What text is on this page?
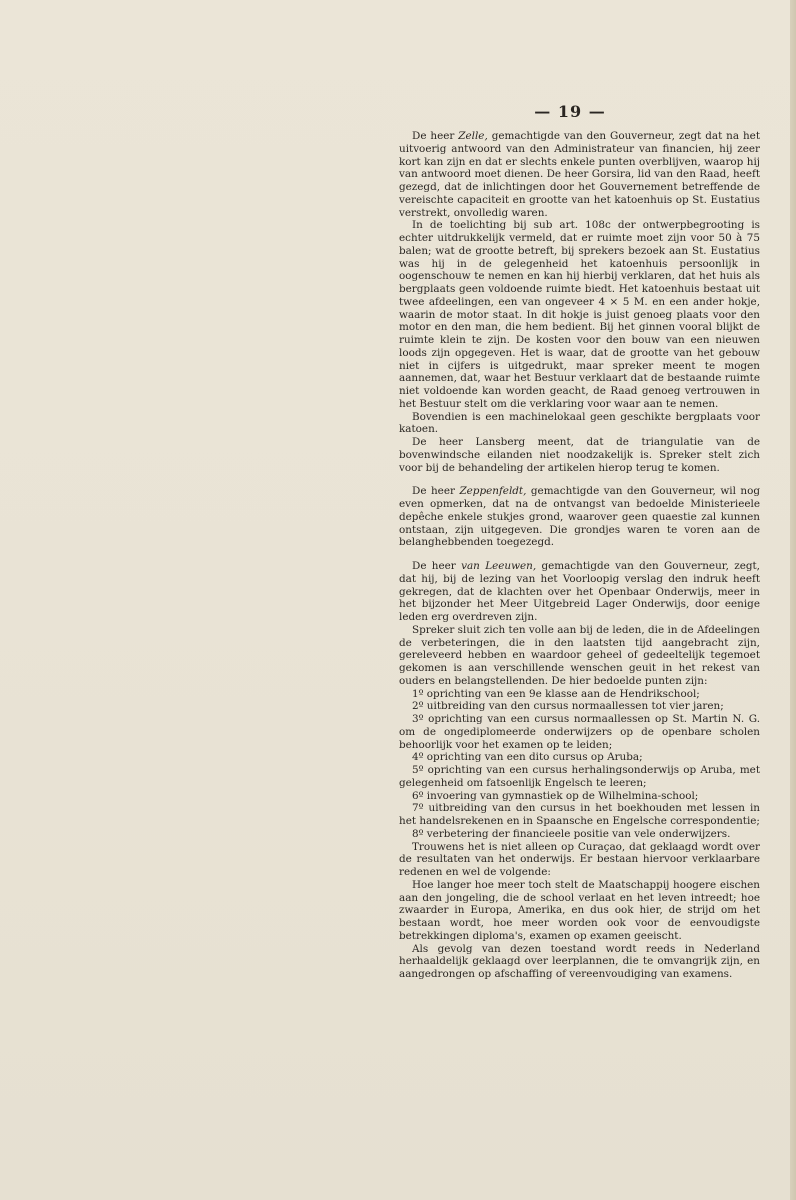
— 19 —

De heer Zelle, gemachtigde van den Gouverneur, zegt dat na het uitvoerig antwoord van den Administrateur van financien, hij zeer kort kan zijn en dat er slechts enkele punten overblijven, waarop hij van antwoord moet dienen. De heer Gorsira, lid van den Raad, heeft gezegd, dat de inlichtingen door het Gouvernement betreffende de vereischte capaciteit en grootte van het katoenhuis op St. Eustatius verstrekt, onvolledig waren.

In de toelichting bij sub art. 108c der ontwerpbegrooting is echter uitdrukkelijk vermeld, dat er ruimte moet zijn voor 50 à 75 balen; wat de grootte betreft, bij sprekers bezoek aan St. Eustatius was hij in de gelegenheid het katoenhuis persoonlijk in oogenschouw te nemen en kan hij hierbij verklaren, dat het huis als bergplaats geen voldoende ruimte biedt. Het katoenhuis bestaat uit twee afdeelingen, een van ongeveer 4 × 5 M. en een ander hokje, waarin de motor staat. In dit hokje is juist genoeg plaats voor den motor en den man, die hem bedient. Bij het ginnen vooral blijkt de ruimte klein te zijn. De kosten voor den bouw van een nieuwen loods zijn opgegeven. Het is waar, dat de grootte van het gebouw niet in cijfers is uitgedrukt, maar spreker meent te mogen aannemen, dat, waar het Bestuur verklaart dat de bestaande ruimte niet voldoende kan worden geacht, de Raad genoeg vertrouwen in het Bestuur stelt om die verklaring voor waar aan te nemen.

Bovendien is een machinelokaal geen geschikte bergplaats voor katoen.

De heer Lansberg meent, dat de triangulatie van de bovenwindsche eilanden niet noodzakelijk is. Spreker stelt zich voor bij de behandeling der artikelen hierop terug te komen.

De heer Zeppenfeldt, gemachtigde van den Gouverneur, wil nog even opmerken, dat na de ontvangst van bedoelde Ministerieele depêche enkele stukjes grond, waarover geen quaestie zal kunnen ontstaan, zijn uitgegeven. Die grondjes waren te voren aan de belanghebbenden toegezegd.

De heer van Leeuwen, gemachtigde van den Gouverneur, zegt, dat hij, bij de lezing van het Voorloopig verslag den indruk heeft gekregen, dat de klachten over het Openbaar Onderwijs, meer in het bijzonder het Meer Uitgebreid Lager Onderwijs, door eenige leden erg overdreven zijn.

Spreker sluit zich ten volle aan bij de leden, die in de Afdeelingen de verbeteringen, die in den laatsten tijd aangebracht zijn, gereleveerd hebben en waardoor geheel of gedeeltelijk tegemoet gekomen is aan verschillende wenschen geuit in het rekest van ouders en belangstellenden. De hier bedoelde punten zijn:

1º oprichting van een 9e klasse aan de Hendrikschool;

2º uitbreiding van den cursus normaallessen tot vier jaren;

3º oprichting van een cursus normaallessen op St. Martin N. G. om de ongediplomeerde onderwijzers op de openbare scholen behoorlijk voor het examen op te leiden;

4º oprichting van een dito cursus op Aruba;

5º oprichting van een cursus herhalingsonderwijs op Aruba, met gelegenheid om fatsoenlijk Engelsch te leeren;

6º invoering van gymnastiek op de Wilhelmina-school;

7º uitbreiding van den cursus in het boekhouden met lessen in het handelsrekenen en in Spaansche en Engelsche correspondentie;

8º verbetering der financieele positie van vele onderwijzers.

Trouwens het is niet alleen op Curaçao, dat geklaagd wordt over de resultaten van het onderwijs. Er bestaan hiervoor verklaarbare redenen en wel de volgende:

Hoe langer hoe meer toch stelt de Maatschappij hoogere eischen aan den jongeling, die de school verlaat en het leven intreedt; hoe zwaarder in Europa, Amerika, en dus ook hier, de strijd om het bestaan wordt, hoe meer worden ook voor de eenvoudigste betrekkingen diploma's, examen op examen geeischt.

Als gevolg van dezen toestand wordt reeds in Nederland herhaaldelijk geklaagd over leerplannen, die te omvangrijk zijn, en aangedrongen op afschaffing of vereenvoudiging van examens.
